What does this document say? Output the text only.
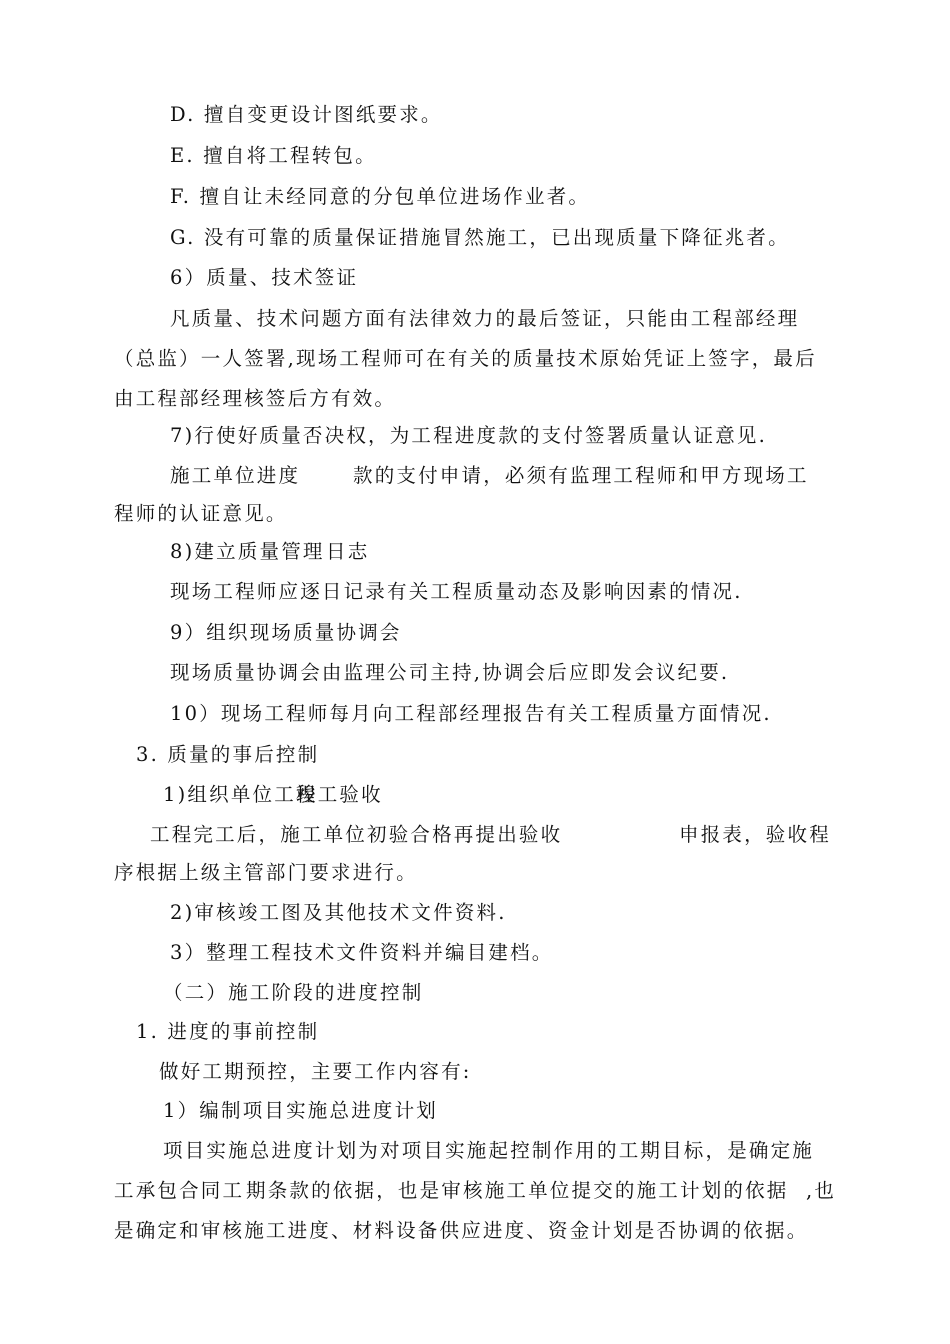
D. 擅自变更设计图纸要求。
E. 擅自将工程转包。
F. 擅自让未经同意的分包单位进场作业者。
G. 没有可靠的质量保证措施冒然施工，已出现质量下降征兆者。
6）质量、技术签证
凡质量、技术问题方面有法律效力的最后签证，只能由工程部经理
（总监）一人签署,现场工程师可在有关的质量技术原始凭证上签字，最后
由工程部经理核签后方有效。
7)行使好质量否决权，为工程进度款的支付签署质量认证意见.
施工单位进度	款的支付申请，必须有监理工程师和甲方现场工
程师的认证意见。
8)建立质量管理 日志
现场工程师应逐日记录有关工程质量动态及影响因素的情况.
9）组织现场质量协调会
现场质量协调会由监理公司主持,协调会后应即发会议纪要.
10）现场工程师每月向工程部经理报告有关工程质量方面情况.
3. 质量的事后控制
1)组织单位工程
竣工验收
工程完工后，施工单位初验合格再提出验收	申报表，验收程
序根据上级主管部门要求进行。
2)审核竣工图及其他技术文件资料.
3）整理工程技术文件资料并编目建档。
（二）施工阶段的进度控制
1. 进度的事前控制
做好工期预控，主要工作内容有:
1）编制项目实施总进度计划
项目实施总进度计划为对项目实施起控制作用的工期目标，是确定施
工承包合同工 期条款的依据，也是审核施工单位提交的施工计划的依据 ,也
是确定和审核施工进度、材料设备供应进度、资金计划是否协调的依据。
